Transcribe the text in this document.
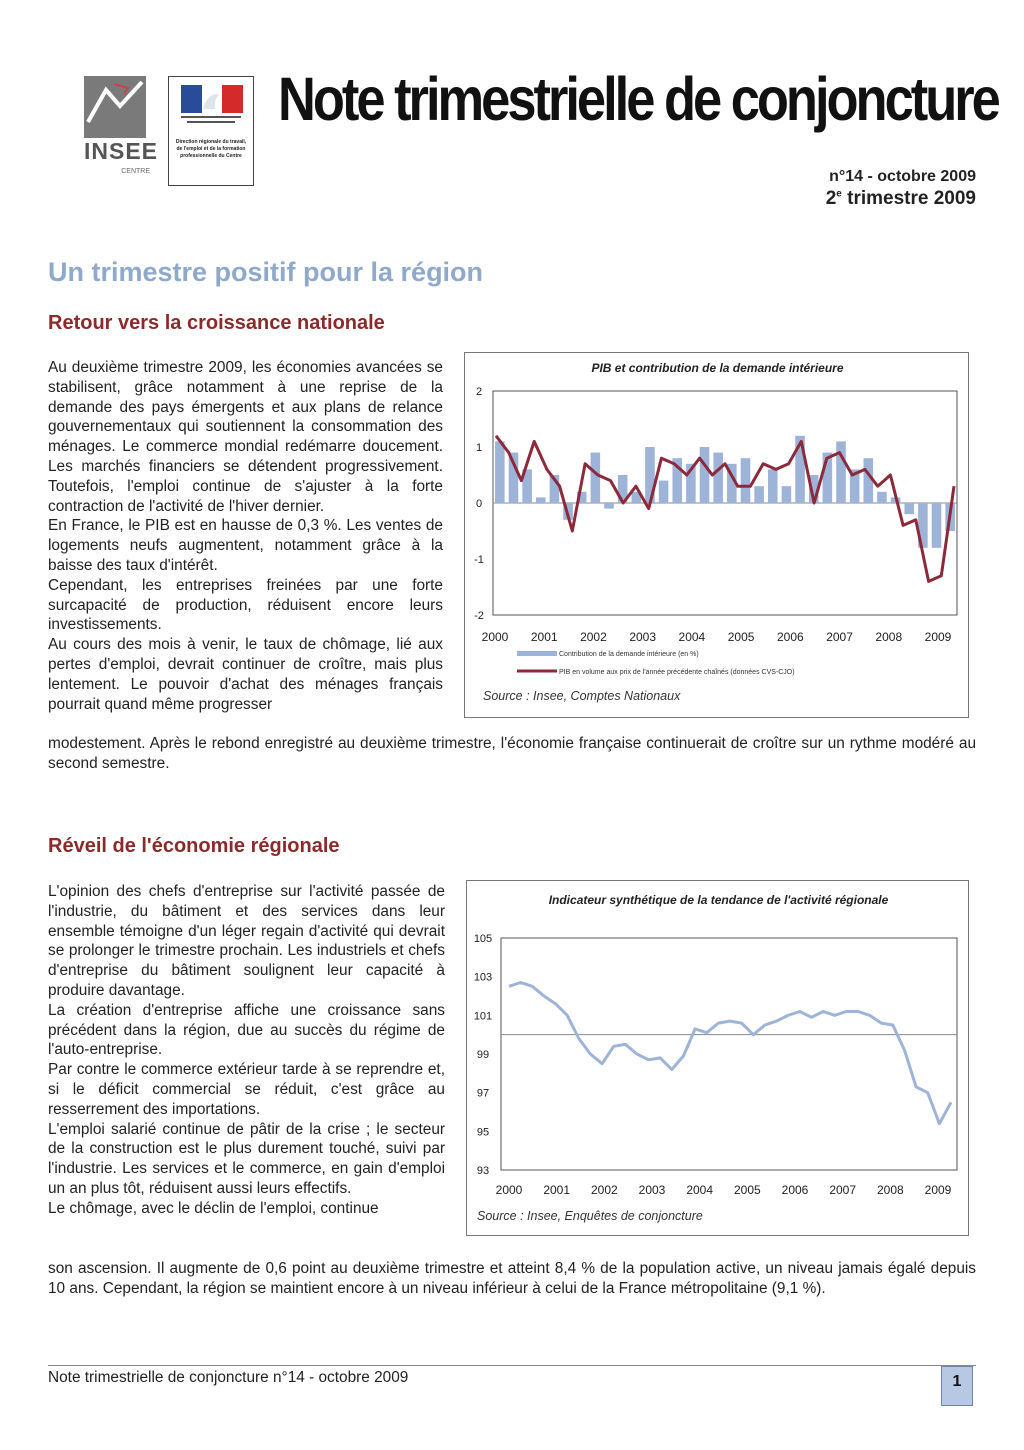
INSEE
CENTRE
Direction régionale du travail, de l'emploi et de la formation professionnelle du Centre
Note trimestrielle de conjoncture
n°14 - octobre 2009
2e trimestre 2009
Un trimestre positif pour la région
Retour vers la croissance nationale

Au deuxième trimestre 2009, les économies avancées se stabilisent, grâce notamment à une reprise de la demande des pays émergents et aux plans de relance gouvernementaux qui soutiennent la consommation des ménages. Le commerce mondial redémarre doucement. Les marchés financiers se détendent progressivement. Toutefois, l'emploi continue de s'ajuster à la forte contraction de l'activité de l'hiver dernier.

En France, le PIB est en hausse de 0,3 %. Les ventes de logements neufs augmentent, notamment grâce à la baisse des taux d'intérêt.

Cependant, les entreprises freinées par une forte surcapacité de production, réduisent encore leurs investissements.

Au cours des mois à venir, le taux de chômage, lié aux pertes d'emploi, devrait continuer de croître, mais plus lentement. Le pouvoir d'achat des ménages français pourrait quand même progresser

modestement. Après le rebond enregistré au deuxième trimestre, l'économie française continuerait de croître sur un rythme modéré au second semestre.

PIB et contribution de la demande intérieure
2
1
0
-1
-2
2000 2001 2002 2003 2004 2005 2006 2007 2008 2009
Contribution de la demande intérieure (en %)
PIB en volume aux prix de l'année précédente chaînés (données CVS-CJO)
Source : Insee, Comptes Nationaux
Réveil de l'économie régionale

L'opinion des chefs d'entreprise sur l'activité passée de l'industrie, du bâtiment et des services dans leur ensemble témoigne d'un léger regain d'activité qui devrait se prolonger le trimestre prochain. Les industriels et chefs d'entreprise du bâtiment soulignent leur capacité à produire davantage.

La création d'entreprise affiche une croissance sans précédent dans la région, due au succès du régime de l'auto-entreprise.

Par contre le commerce extérieur tarde à se reprendre et, si le déficit commercial se réduit, c'est grâce au resserrement des importations.

L'emploi salarié continue de pâtir de la crise ; le secteur de la construction est le plus durement touché, suivi par l'industrie. Les services et le commerce, en gain d'emploi un an plus tôt, réduisent aussi leurs effectifs.

Le chômage, avec le déclin de l'emploi, continue

son ascension. Il augmente de 0,6 point au deuxième trimestre et atteint 8,4 % de la population active, un niveau jamais égalé depuis 10 ans. Cependant, la région se maintient encore à un niveau inférieur à celui de la France métropolitaine (9,1 %).

Indicateur synthétique de la tendance de l'activité régionale
105
103
101
99
97
95
93
2000 2001 2002 2003 2004 2005 2006 2007 2008 2009
Source : Insee, Enquêtes de conjoncture
Note trimestrielle de conjoncture n°14 - octobre 2009	1
